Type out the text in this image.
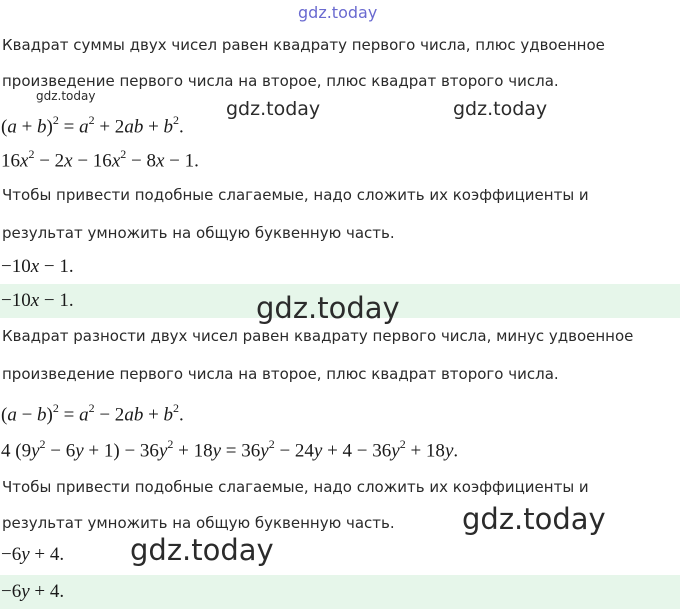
gdz.today
Квадрат суммы двух чисел равен квадрату первого числа, плюс удвоенное
произведение первого числа на второе, плюс квадрат второго числа.
gdz.today
$(a + b)^2 = a^2 + 2ab + b^2$.
gdz.today	gdz.today
$16x^2 - 2x - 16x^2 - 8x - 1$.
Чтобы привести подобные слагаемые, надо сложить их коэффициенты и
результат умножить на общую буквенную часть.
−10x − 1.
−10x − 1.	gdz.today
Квадрат разности двух чисел равен квадрату первого числа, минус удвоенное
произведение первого числа на второе, плюс квадрат второго числа.
$(a - b)^2 = a^2 - 2ab + b^2$.
4 $(9y^2 - 6y + 1) - 36y^2 + 18y = 36y^2 - 24y + 4 - 36y^2 + 18y$.
Чтобы привести подобные слагаемые, надо сложить их коэффициенты и
результат умножить на общую буквенную часть. gdz.today
−6y + 4. gdz.today
−6y + 4.
